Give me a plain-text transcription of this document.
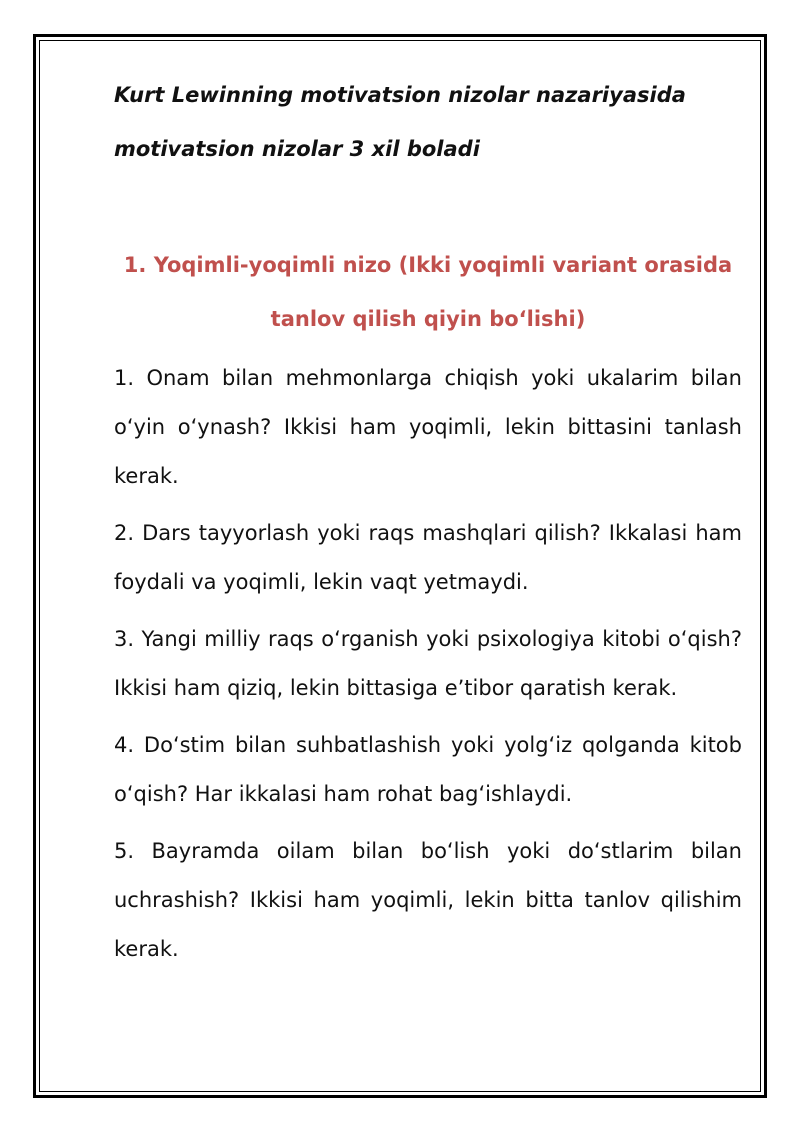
Kurt Lewinning motivatsion nizolar nazariyasida motivatsion nizolar 3 xil boladi

1. Yoqimli-yoqimli nizo (Ikki yoqimli variant orasida tanlov qilish qiyin boʻlishi)

1. Onam bilan mehmonlarga chiqish yoki ukalarim bilan oʻyin oʻynash? Ikkisi ham yoqimli, lekin bittasini tanlash kerak.

2. Dars tayyorlash yoki raqs mashqlari qilish? Ikkalasi ham foydali va yoqimli, lekin vaqt yetmaydi.

3. Yangi milliy raqs oʻrganish yoki psixologiya kitobi oʻqish? Ikkisi ham qiziq, lekin bittasiga eʼtibor qaratish kerak.

4. Doʻstim bilan suhbatlashish yoki yolgʻiz qolganda kitob oʻqish? Har ikkalasi ham rohat bagʻishlaydi.

5. Bayramda oilam bilan boʻlish yoki doʻstlarim bilan uchrashish? Ikkisi ham yoqimli, lekin bitta tanlov qilishim kerak.
